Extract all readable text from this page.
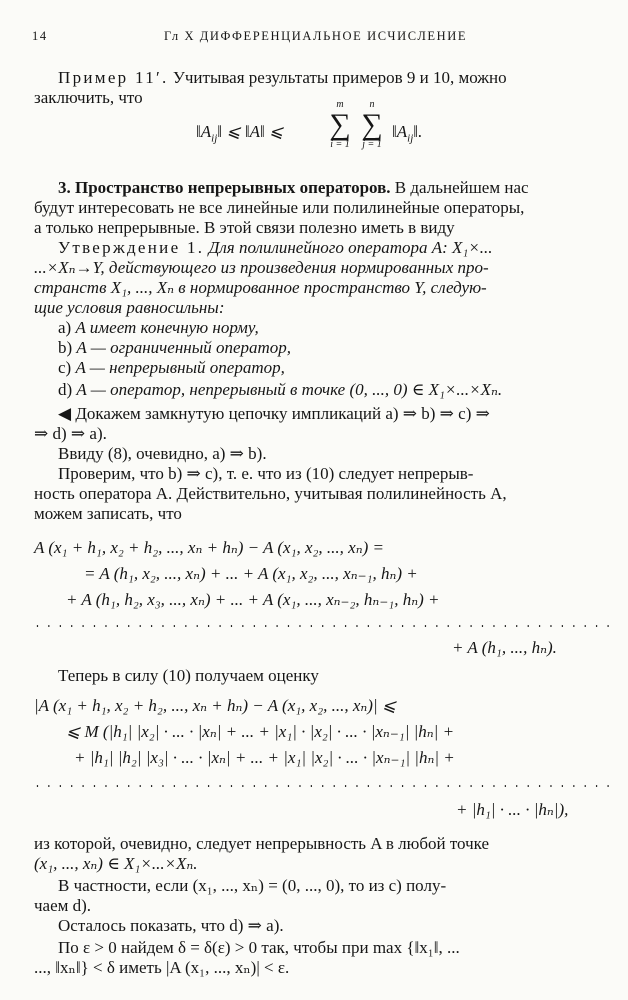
14	Гл X ДИФФЕРЕНЦИАЛЬНОЕ ИСЧИСЛЕНИЕ
Пример 11′. Учитывая результаты примеров 9 и 10, можно
заключить, что
$‖A_{ij}‖$ ⩽ ‖A‖ ⩽
m
∑
i = 1
n
∑
j = 1
$‖A_{ij}‖$.
3. Пространство непрерывных операторов. В дальнейшем нас
будут интересовать не все линейные или полилинейные операторы,
а только непрерывные. В этой связи полезно иметь в виду
Утверждение 1. Для полилинейного оператора A: X₁×...
...×Xₙ→Y, действующего из произведения нормированных про-
странств X₁, ..., Xₙ в нормированное пространство Y, следую-
щие условия равносильны:
a) A имеет конечную норму,
b) A — ограниченный оператор,
c) A — непрерывный оператор,
d) A — оператор, непрерывный в точке (0, ..., 0) ∈ X₁×...×Xₙ.
◀ Докажем замкнутую цепочку импликаций a) ⇒ b) ⇒ c) ⇒
⇒ d) ⇒ a).
Ввиду (8), очевидно, a) ⇒ b).
Проверим, что b) ⇒ c), т. е. что из (10) следует непрерыв-
ность оператора A. Действительно, учитывая полилинейность A,
можем записать, что
A (x₁ + h₁, x₂ + h₂, ..., xₙ + hₙ) − A (x₁, x₂, ..., xₙ) =
= A (h₁, x₂, ..., xₙ) + ... + A (x₁, x₂, ..., xₙ₋₁, hₙ) +
+ A (h₁, h₂, x₃, ..., xₙ) + ... + A (x₁, ..., xₙ₋₂, hₙ₋₁, hₙ) +
...................................................
+ A (h₁, ..., hₙ).
Теперь в силу (10) получаем оценку
|A (x₁ + h₁, x₂ + h₂, ..., xₙ + hₙ) − A (x₁, x₂, ..., xₙ)| ⩽
⩽ M (|h₁| |x₂| · ... · |xₙ| + ... + |x₁| · |x₂| · ... · |xₙ₋₁| |hₙ| +
+ |h₁| |h₂| |x₃| · ... · |xₙ| + ... + |x₁| |x₂| · ... · |xₙ₋₁| |hₙ| +
...................................................
+ |h₁| · ... · |hₙ|),
из которой, очевидно, следует непрерывность A в любой точке
(x₁, ..., xₙ) ∈ X₁×...×Xₙ.
В частности, если (x₁, ..., xₙ) = (0, ..., 0), то из c) полу-
чаем d).
Осталось показать, что d) ⇒ a).
По ε > 0 найдем δ = δ(ε) > 0 так, чтобы при max {‖x₁‖, ...
..., ‖xₙ‖} < δ иметь |A (x₁, ..., xₙ)| < ε.
